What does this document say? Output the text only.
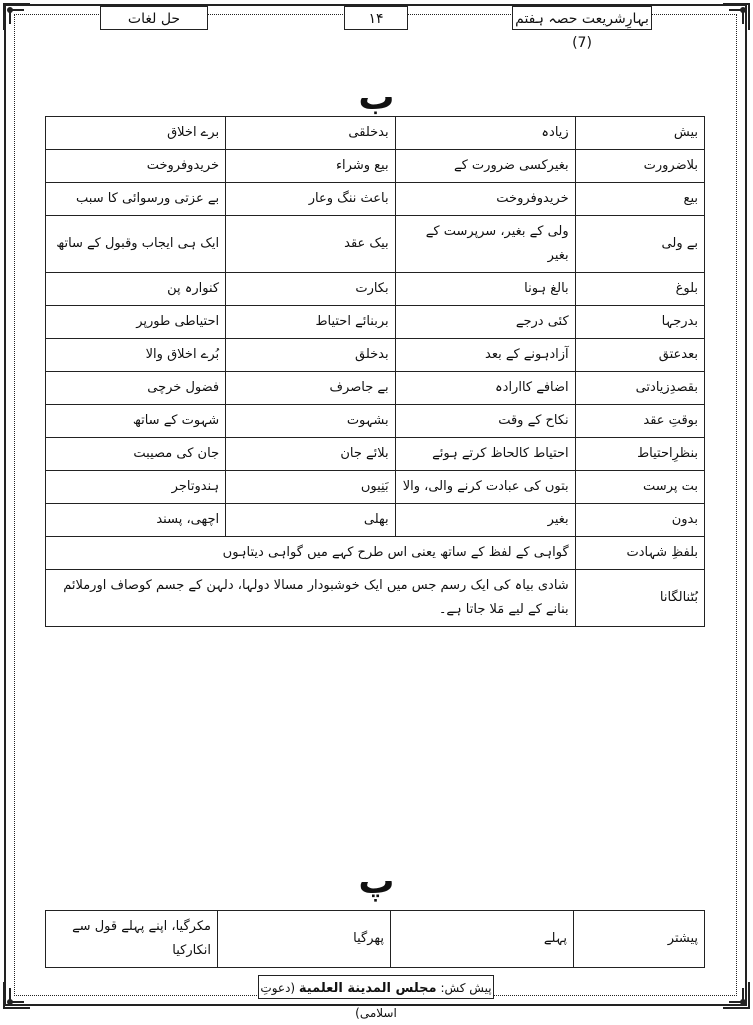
حل لغات	۱۴	بہارِشریعت حصہ ہفتم (7)
ب
بیش	زیادہ	بدخلقی	برے اخلاق
بلاضرورت	بغیرکسی ضرورت کے	بیع وشراء	خریدوفروخت
بیع	خریدوفروخت	باعث ننگ وعار	بے عزتی ورسوائی کا سبب
بے ولی	ولی کے بغیر، سرپرست کے بغیر	بیک عقد	ایک ہی ایجاب وقبول کے ساتھ
بلوغ	بالغ ہونا	بکارت	کنوارہ پن
بدرجہا	کئی درجے	بربنائے احتیاط	احتیاطی طورپر
بعدعتق	آزادہونے کے بعد	بدخلق	بُرے اخلاق والا
بقصدِزیادتی	اضافے کاارادہ	بے جاصرف	فضول خرچی
بوقتِ عقد	نکاح کے وقت	بشہوت	شہوت کے ساتھ
بنظرِاحتیاط	احتیاط کالحاظ کرتے ہوئے	بلائے جان	جان کی مصیبت
بت پرست	بتوں کی عبادت کرنے والی، والا	بَنِیوں	ہندوتاجر
بدون	بغیر	بھلی	اچھی، پسند
بلفظِ شہادت	گواہی کے لفظ کے ساتھ یعنی اس طرح کہے میں گواہی دیتاہوں		
بُٹنالگانا	شادی بیاہ کی ایک رسم جس میں ایک خوشبودار مسالا دولہا، دلہن کے جسم کوصاف اورملائم بنانے کے لیے مَلا جاتا ہے۔		
پ
پیشتر	پہلے	پھرگیا	مکرگیا، اپنے پہلے قول سے انکارکیا
پیش کش: مجلس المدينة العلمية (دعوتِ اسلامی)
